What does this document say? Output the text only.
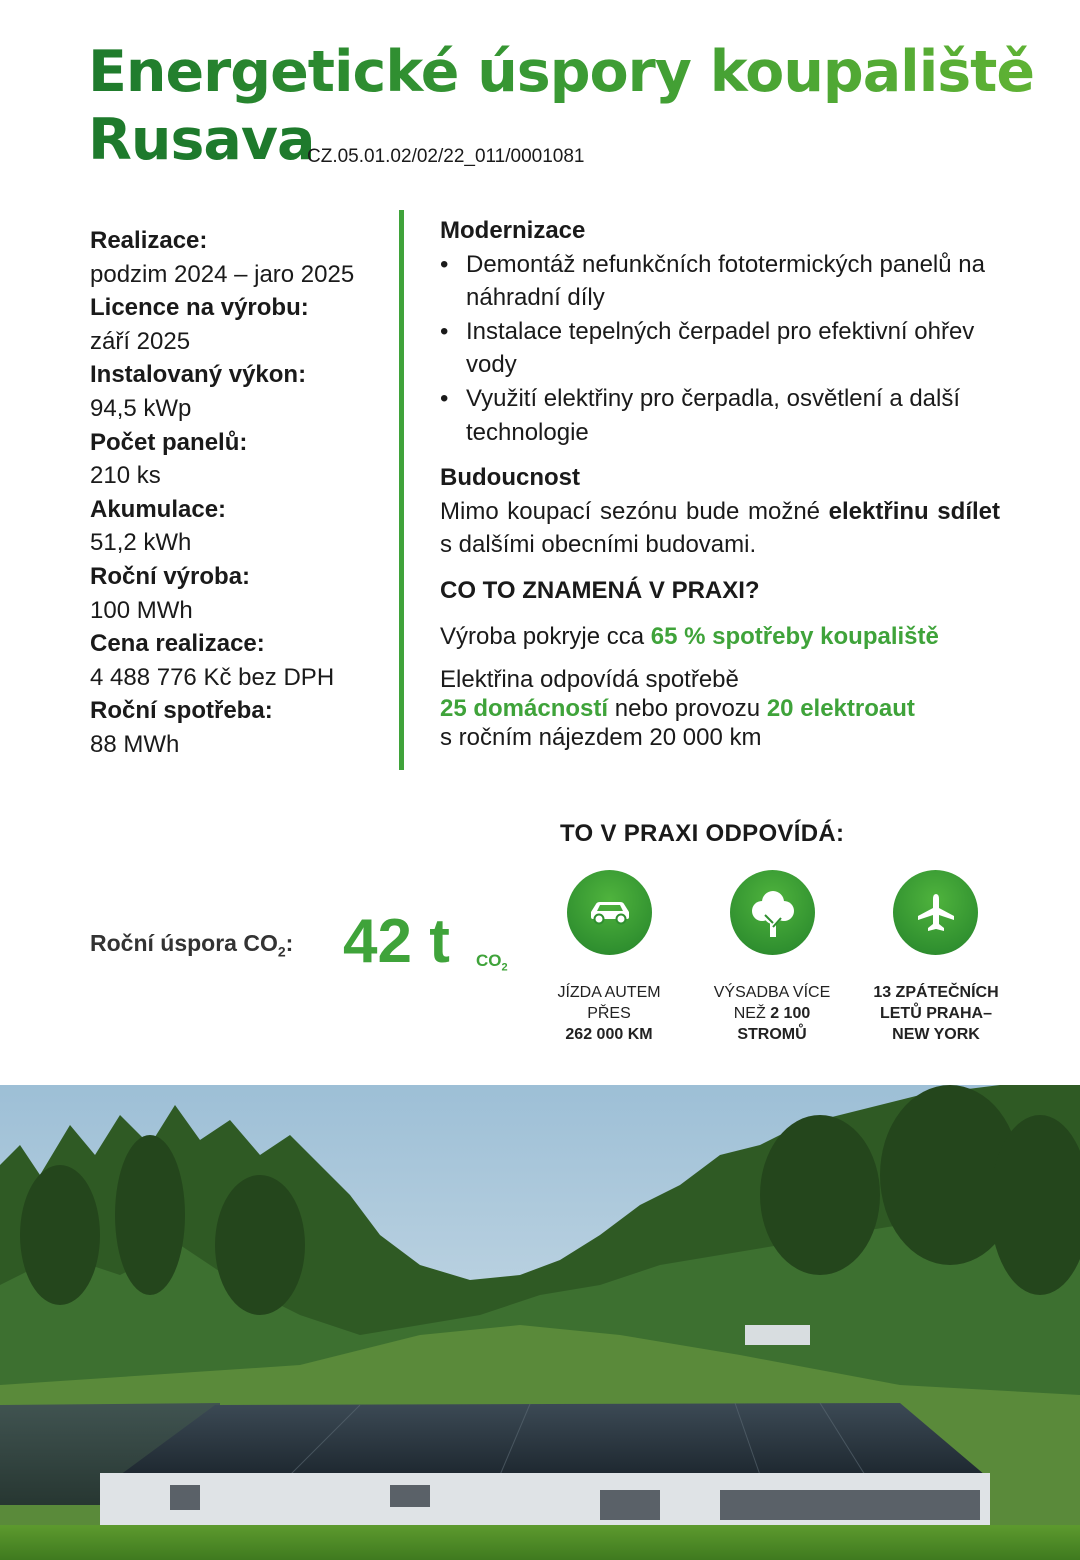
Energetické úspory koupaliště
Rusava
CZ.05.01.02/02/22_011/0001081
Realizace:
podzim 2024 – jaro 2025
Licence na výrobu:
září 2025
Instalovaný výkon:
94,5 kWp
Počet panelů:
210 ks
Akumulace:
51,2 kWh
Roční výroba:
100 MWh
Cena realizace:
4 488 776 Kč bez DPH
Roční spotřeba:
88 MWh
Modernizace
• Demontáž nefunkčních fototermických panelů na náhradní díly
• Instalace tepelných čerpadel pro efektivní ohřev vody
• Využití elektřiny pro čerpadla, osvětlení a další technologie
Budoucnost
Mimo koupací sezónu bude možné elektřinu sdílet s dalšími obecními budovami.
CO TO ZNAMENÁ V PRAXI?
Výroba pokryje cca 65 % spotřeby koupaliště
Elektřina odpovídá spotřebě
25 domácností nebo provozu 20 elektroaut
s ročním nájezdem 20 000 km
TO V PRAXI ODPOVÍDÁ:
Roční úspora $CO_2$: 42 t $CO_2$
JÍZDA AUTEM
PŘES
262 000 KM
VÝSADBA VÍCE
NEŽ 2 100
STROMŮ
13 ZPÁTEČNÍCH
LETŮ PRAHA–
NEW YORK
